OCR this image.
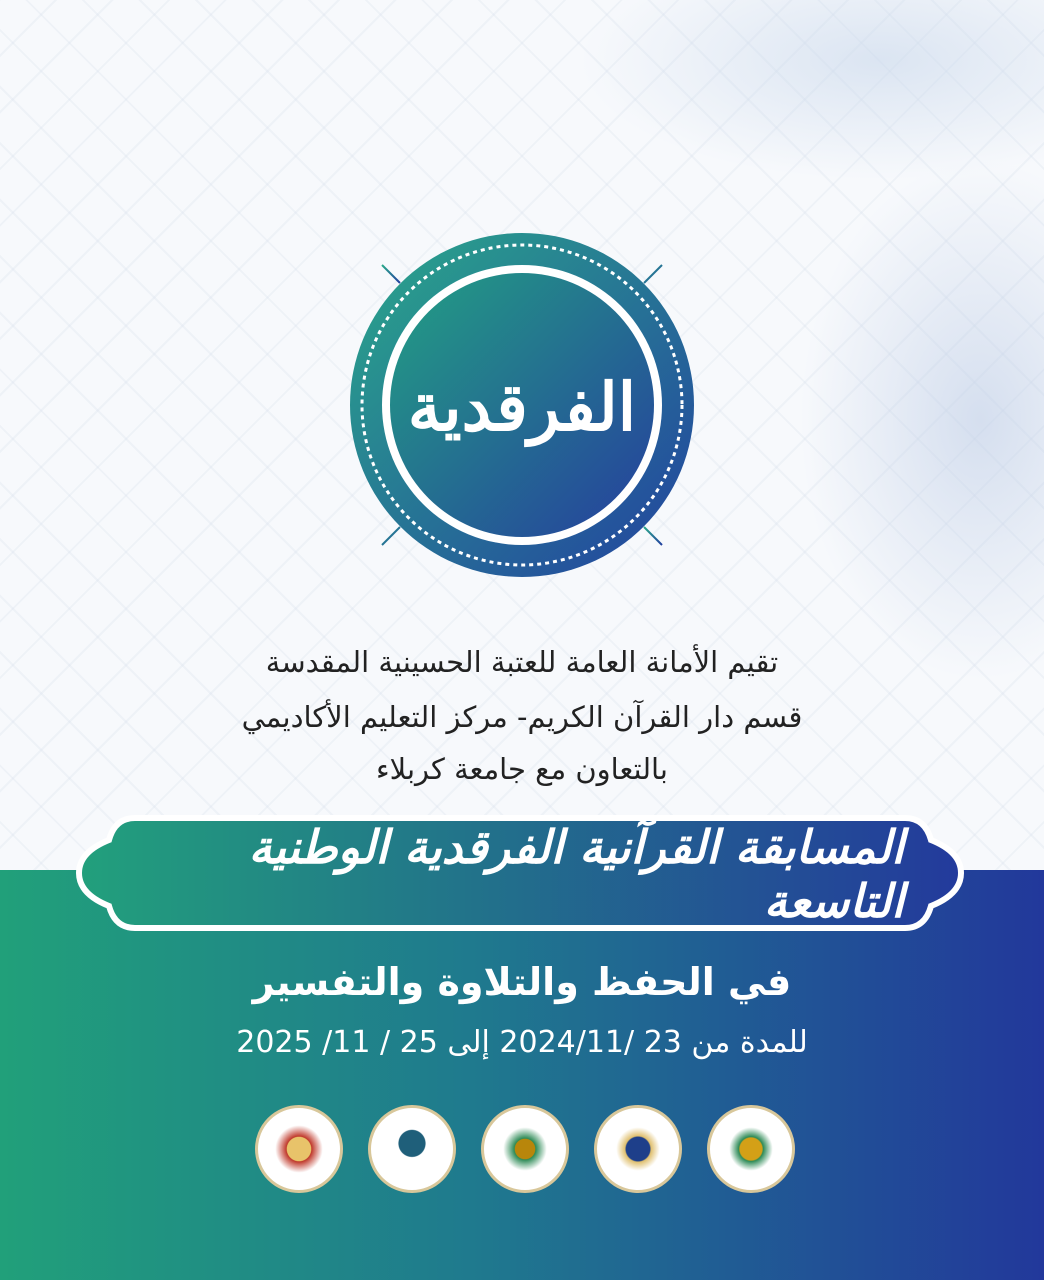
الفرقدية
تقيم الأمانة العامة للعتبة الحسينية المقدسة
قسم دار القرآن الكريم- مركز التعليم الأكاديمي
بالتعاون مع جامعة كربلاء
المسابقة القرآنية الفرقدية الوطنية التاسعة
في الحفظ والتلاوة والتفسير
للمدة من 23 /2024/11 إلى 25 / 11/ 2025
